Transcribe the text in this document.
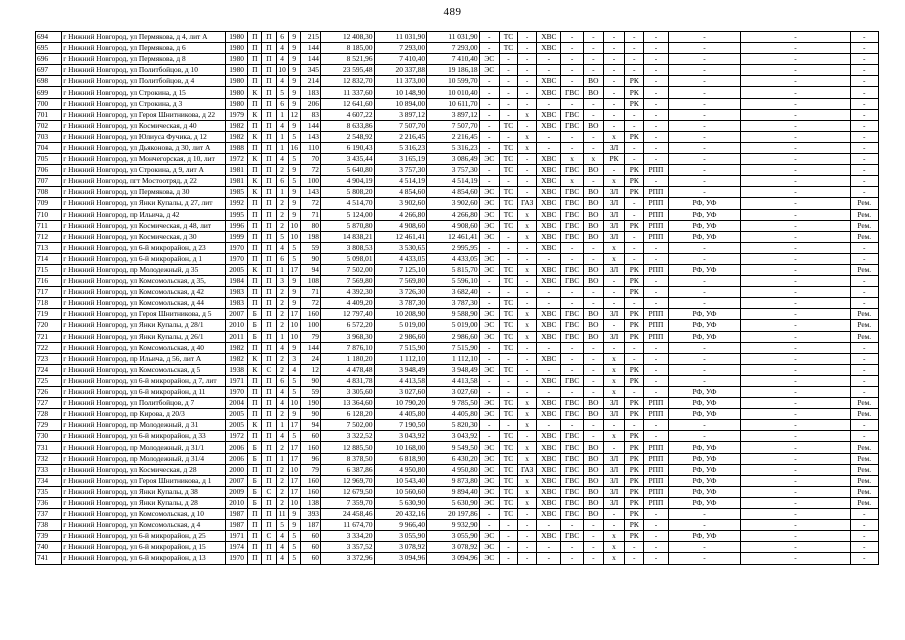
489
694	г Нижний Новгород, ул Пермякова, д 4, лит А	1980	П	П	6	9	215	12 408,30	11 031,90	11 031,90	-	ТС	-	ХВС	-	-	-	-	-	-	-	-
695	г Нижний Новгород, ул Пермякова, д 6	1980	П	П	4	9	144	8 185,00	7 293,00	7 293,00	-	ТС	-	ХВС	-	-	-	-	-	-	-	-
696	г Нижний Новгород, ул Пермякова, д 8	1980	П	П	4	9	144	8 521,96	7 410,40	7 410,40	ЭС	-	-	-	-	-	-	-	-	-	-	-
697	г Нижний Новгород, ул Политбойцов, д 10	1980	П	П	10	9	345	23 595,48	20 337,88	19 186,18	ЭС	-	-	-	-	-	-	-	-	-	-	-
698	г Нижний Новгород, ул Политбойцов, д 4	1980	П	П	4	9	214	12 832,70	11 373,00	10 599,70	-	-	-	ХВС	-	ВО	-	РК	-	-	-	-
699	г Нижний Новгород, ул Строкина, д 15	1980	К	П	5	9	183	11 337,60	10 148,90	10 010,40	-	-	-	ХВС	ГВС	ВО	-	РК	-	-	-	-
700	г Нижний Новгород, ул Строкина, д 3	1980	П	П	6	9	206	12 641,60	10 894,00	10 611,70	-	-	-	-	-	-	-	РК	-	-	-	-
701	г Нижний Новгород, ул Героя Шнитникова, д 22	1979	К	П	1	12	83	4 607,22	3 897,12	3 897,12	-	-	х	ХВС	ГВС	-	-	-	-	-	-	-
702	г Нижний Новгород, ул Космическая, д 40	1982	П	П	4	9	144	8 633,86	7 507,70	7 507,70	-	ТС	-	ХВС	ГВС	ВО	-	-	-	-	-	-
703	г Нижний Новгород, ул Юлиуса Фучика, д 12	1982	К	П	1	5	143	2 548,92	2 216,45	2 216,45	-	-	х	-	-	-	х	РК	-	-	-	-
704	г Нижний Новгород, ул Дьяконова, д 30, лит А	1988	П	П	1	16	110	6 190,43	5 316,23	5 316,23	-	ТС	х	-	-	-	ЗЛ	-	-	-	-	-
705	г Нижний Новгород, ул Мончегорская, д 10, лит	1972	К	П	4	5	70	3 435,44	3 165,19	3 086,49	ЭС	ТС	-	ХВС	х	х	РК	-	-	-	-	-
706	г Нижний Новгород, ул Строкина, д 9, лит А	1981	П	П	2	9	72	5 640,80	3 757,30	3 757,30	-	ТС	-	ХВС	ГВС	ВО	-	РК	РПП	-	-	-
707	г Нижний Новгород, пгт Мостоотряд, д 22	1981	К	П	6	5	100	4 904,19	4 514,19	4 514,19	-	-	-	ХВС	х	-	х	РК	-	-	-	-
708	г Нижний Новгород, ул Пермякова, д 30	1985	К	П	1	9	143	5 808,20	4 854,60	4 854,60	ЭС	ТС	-	ХВС	ГВС	ВО	ЗЛ	РК	РПП	-	-	-
709	г Нижний Новгород, ул Янки Купалы, д 27, лит	1992	П	П	2	9	72	4 514,70	3 902,60	3 902,60	ЭС	ТС	ГАЗ	ХВС	ГВС	ВО	ЗЛ	-	РПП	РФ, УФ	-	Рем.
710	г Нижний Новгород, пр Ильича, д 42	1995	П	П	2	9	71	5 124,00	4 266,80	4 266,80	ЭС	ТС	х	ХВС	ГВС	ВО	ЗЛ	-	РПП	РФ, УФ	-	Рем.
711	г Нижний Новгород, ул Космическая, д 48, лит	1996	П	П	2	10	80	5 870,80	4 908,60	4 908,60	ЭС	ТС	х	ХВС	ГВС	ВО	ЗЛ	РК	РПП	РФ, УФ	-	Рем.
712	г Нижний Новгород, ул Космическая, д 30	1999	П	П	5	10	198	14 838,21	12 461,41	12 461,41	ЭС	-	х	ХВС	ГВС	ВО	ЗЛ	-	РПП	РФ, УФ	-	Рем.
713	г Нижний Новгород, ул 6-й микрорайон, д 23	1970	П	П	4	5	59	3 808,53	3 530,65	2 995,95	-	-	-	ХВС	-	-	х	-	-	-	-	-
714	г Нижний Новгород, ул 6-й микрорайон, д 1	1970	П	П	6	5	90	5 098,01	4 433,05	4 433,05	ЭС	-	-	-	-	-	х	-	-	-	-	-
715	г Нижний Новгород, пр Молодежный, д 35	2005	К	П	1	17	94	7 502,00	7 125,10	5 815,70	ЭС	ТС	х	ХВС	ГВС	ВО	ЗЛ	РК	РПП	РФ, УФ	-	Рем.
716	г Нижний Новгород, ул Комсомольская, д 35,	1984	П	П	3	9	108	7 569,80	7 569,80	5 596,10	-	ТС	-	ХВС	ГВС	ВО	-	РК	-	-	-	-
717	г Нижний Новгород, ул Комсомольская, д 42	1983	П	П	2	9	71	4 392,30	3 726,30	3 682,40	-	-	-	-	-	-	-	РК	-	-	-	-
718	г Нижний Новгород, ул Комсомольская, д 44	1983	П	П	2	9	72	4 409,20	3 787,30	3 787,30	-	ТС	-	-	-	-	-	-	-	-	-	-
719	г Нижний Новгород, ул Героя Шнитникова, д 5	2007	Б	П	2	17	160	12 797,40	10 208,90	9 588,90	ЭС	ТС	х	ХВС	ГВС	ВО	ЗЛ	РК	РПП	РФ, УФ	-	Рем.
720	г Нижний Новгород, ул Янки Купалы, д 28/1	2010	Б	П	2	10	100	6 572,20	5 019,00	5 019,00	ЭС	ТС	х	ХВС	ГВС	ВО	-	РК	РПП	РФ, УФ	-	Рем.
721	г Нижний Новгород, ул Янки Купалы, д 26/1	2011	Б	П	1	10	79	3 968,30	2 986,60	2 986,60	ЭС	ТС	х	ХВС	ГВС	ВО	ЗЛ	РК	РПП	РФ, УФ	-	Рем.
722	г Нижний Новгород, ул Комсомольская, д 40	1982	П	П	4	9	144	7 876,10	7 515,90	7 515,90	-	ТС	-	-	-	-	-	-	-	-	-	-
723	г Нижний Новгород, пр Ильича, д 56, лит А	1982	К	П	2	3	24	1 180,20	1 112,10	1 112,10	-	-	-	ХВС	-	-	х	-	-	-	-	-
724	г Нижний Новгород, ул Комсомольская, д 5	1938	К	С	2	4	12	4 478,48	3 948,49	3 948,49	ЭС	ТС	-	-	-	-	х	РК	-	-	-	-
725	г Нижний Новгород, ул 6-й микрорайон, д 7, лит	1971	П	П	6	5	90	4 831,78	4 413,58	4 413,58	-	-	-	ХВС	ГВС	-	х	РК	-	-	-	-
726	г Нижний Новгород, ул 6-й микрорайон, д 11	1970	П	П	4	5	59	3 305,60	3 027,60	3 027,60	-	-	-	-	-	-	х	-	-	РФ, УФ	-	-
727	г Нижний Новгород, ул Политбойцов, д 7	2004	П	П	4	10	190	13 364,60	10 790,20	9 785,50	ЭС	ТС	х	ХВС	ГВС	ВО	ЗЛ	РК	РПП	РФ, УФ	-	Рем.
728	г Нижний Новгород, пр Кирова, д 20/3	2005	П	П	2	9	90	6 128,20	4 405,80	4 405,80	ЭС	ТС	х	ХВС	ГВС	ВО	ЗЛ	РК	РПП	РФ, УФ	-	Рем.
729	г Нижний Новгород, пр Молодежный, д 31	2005	К	П	1	17	94	7 502,00	7 190,50	5 820,30	-	-	х	-	-	-	-	-	-	-	-	-
730	г Нижний Новгород, ул 6-й микрорайон, д 33	1972	П	П	4	5	60	3 322,52	3 043,92	3 043,92	-	ТС	-	ХВС	ГВС	-	х	РК	-	-	-	-
731	г Нижний Новгород, пр Молодежный, д 31/1	2006	Б	П	2	17	160	12 885,50	10 168,00	9 549,50	ЭС	ТС	х	ХВС	ГВС	ВО	-	РК	РПП	РФ, УФ	-	Рем.
732	г Нижний Новгород, пр Молодежный, д 31/4	2006	Б	П	1	17	96	8 378,50	6 818,90	6 430,20	ЭС	ТС	х	ХВС	ГВС	ВО	ЗЛ	РК	РПП	РФ, УФ	-	Рем.
733	г Нижний Новгород, ул Космическая, д 28	2000	П	П	2	10	79	6 387,86	4 950,80	4 950,80	ЭС	ТС	ГАЗ	ХВС	ГВС	ВО	ЗЛ	РК	РПП	РФ, УФ	-	Рем.
734	г Нижний Новгород, ул Героя Шнитникова, д 1	2007	Б	П	2	17	160	12 969,70	10 543,40	9 873,80	ЭС	ТС	х	ХВС	ГВС	ВО	ЗЛ	РК	РПП	РФ, УФ	-	Рем.
735	г Нижний Новгород, ул Янки Купалы, д 38	2009	Б	С	2	17	160	12 679,50	10 560,60	9 894,40	ЭС	ТС	х	ХВС	ГВС	ВО	ЗЛ	РК	РПП	РФ, УФ	-	Рем.
736	г Нижний Новгород, ул Янки Купалы, д 28	2010	Б	П	2	10	138	7 359,70	5 630,90	5 630,90	ЭС	ТС	х	ХВС	ГВС	ВО	ЗЛ	РК	РПП	РФ, УФ	-	Рем.
737	г Нижний Новгород, ул Комсомольская, д 10	1987	П	П	11	9	393	24 458,46	20 432,16	20 197,86	-	ТС	-	ХВС	ГВС	ВО	-	РК	-	-	-	-
738	г Нижний Новгород, ул Комсомольская, д 4	1987	П	П	5	9	187	11 674,70	9 966,40	9 932,90	-	-	-	-	-	-	-	РК	-	-	-	-
739	г Нижний Новгород, ул 6-й микрорайон, д 25	1971	П	С	4	5	60	3 334,20	3 055,90	3 055,90	ЭС	-	-	ХВС	ГВС	-	х	РК	-	РФ, УФ	-	-
740	г Нижний Новгород, ул 6-й микрорайон, д 15	1974	П	П	4	5	60	3 357,52	3 078,92	3 078,92	ЭС	-	-	-	-	-	х	-	-	-	-	-
741	г Нижний Новгород, ул 6-й микрорайон, д 13	1970	П	П	4	5	60	3 372,96	3 094,96	3 094,96	ЭС	-	-	-	-	-	х	-	-	-	-	-
